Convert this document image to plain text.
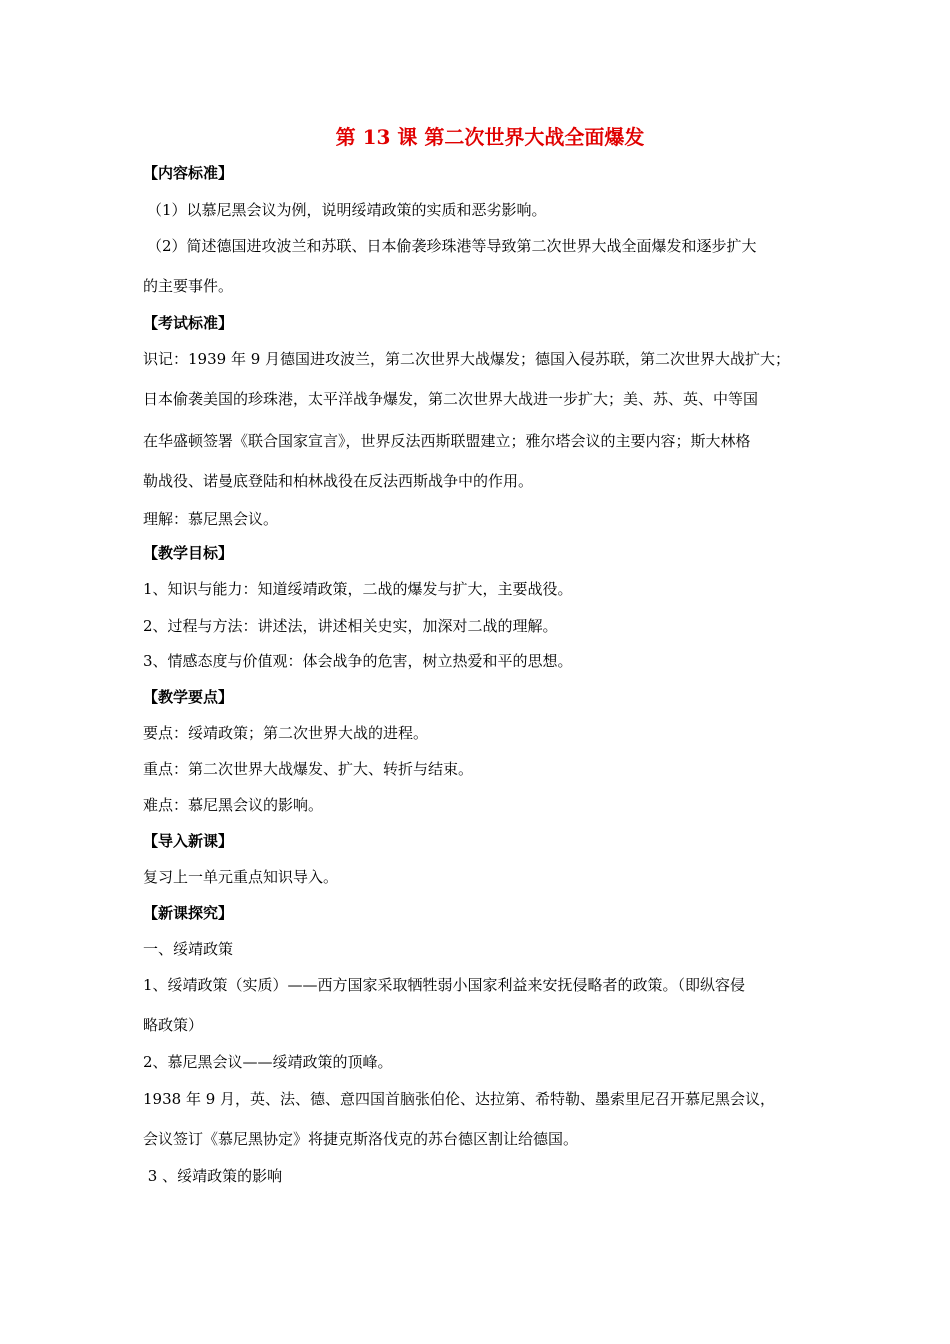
第 13 课 第二次世界大战全面爆发
【内容标准】
（1）以慕尼黑会议为例，说明绥靖政策的实质和恶劣影响。
（2）简述德国进攻波兰和苏联、日本偷袭珍珠港等导致第二次世界大战全面爆发和逐步扩大
的主要事件。
【考试标准】
识记：1939 年 9 月德国进攻波兰，第二次世界大战爆发；德国入侵苏联，第二次世界大战扩大；
日本偷袭美国的珍珠港，太平洋战争爆发，第二次世界大战进一步扩大；美、苏、英、中等国
在华盛顿签署《联合国家宣言》，世界反法西斯联盟建立；雅尔塔会议的主要内容；斯大林格
勒战役、诺曼底登陆和柏林战役在反法西斯战争中的作用。
理解：慕尼黑会议。
【教学目标】
1、知识与能力：知道绥靖政策，二战的爆发与扩大，主要战役。
2、过程与方法：讲述法，讲述相关史实，加深对二战的理解。
3、情感态度与价值观：体会战争的危害，树立热爱和平的思想。
【教学要点】
要点：绥靖政策；第二次世界大战的进程。
重点：第二次世界大战爆发、扩大、转折与结束。
难点：慕尼黑会议的影响。
【导入新课】
复习上一单元重点知识导入。
【新课探究】
一、绥靖政策
1、绥靖政策（实质）——西方国家采取牺牲弱小国家利益来安抚侵略者的政策。（即纵容侵
略政策）
2、慕尼黑会议——绥靖政策的顶峰。
1938 年 9 月，英、法、德、意四国首脑张伯伦、达拉第、希特勒、墨索里尼召开慕尼黑会议，
会议签订《慕尼黑协定》将捷克斯洛伐克的苏台德区割让给德国。
3 、绥靖政策的影响
